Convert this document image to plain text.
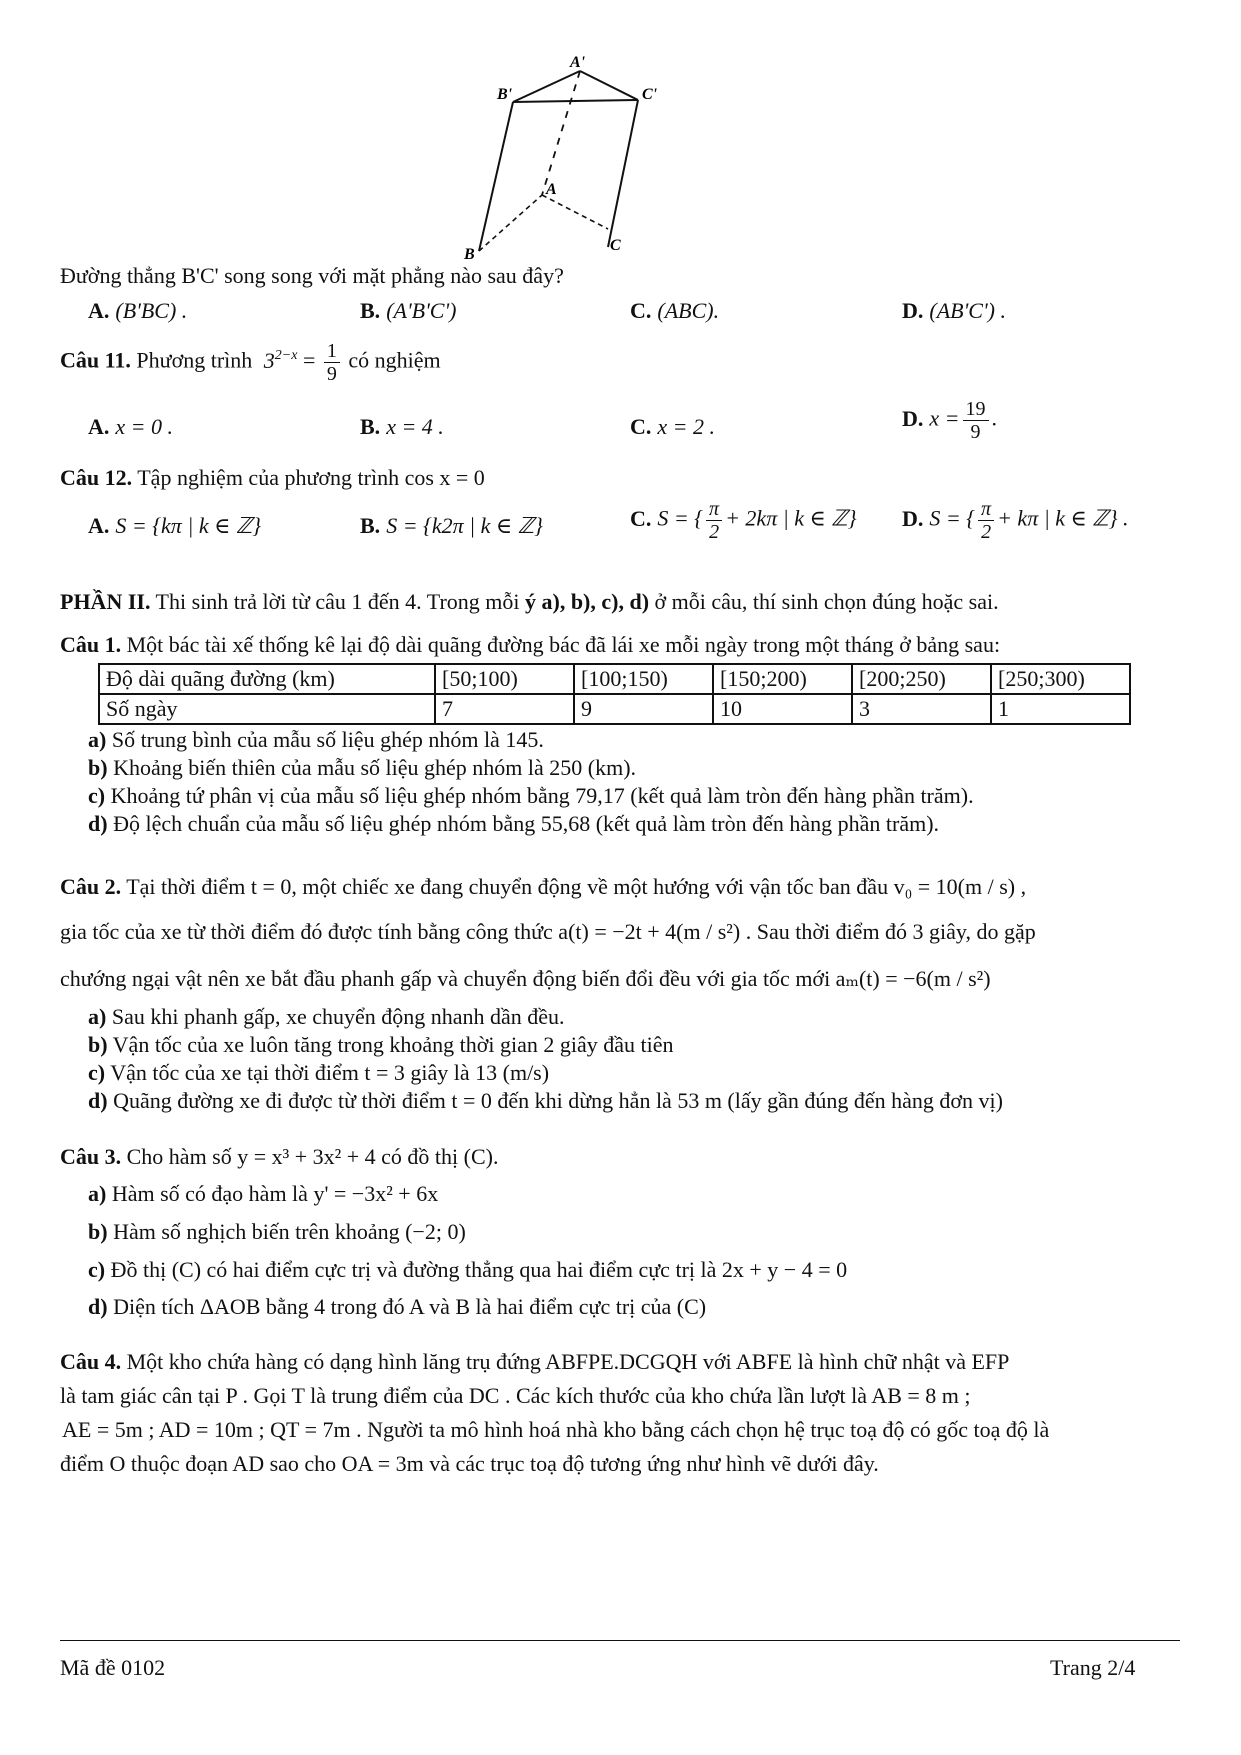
A'
B'	C'
A
B
C
Đường thẳng B'C' song song với mặt phẳng nào sau đây?
A. (B'BC) .	B. (A'B'C')	C. (ABC).	D. (AB'C') .
Câu 11. Phương trình $3^{2-x} = \frac{1}{9}$ có nghiệm
A. x = 0 .	B. x = 4 .	C. x = 2 .	D. $x = \frac{19}{9}$ .
Câu 12. Tập nghiệm của phương trình cos x = 0
A. S = {kπ | k ∈ ℤ}	B. S = {k2π | k ∈ ℤ}	C. S = { $\frac{\pi}{2} + 2k\pi$ | k ∈ ℤ} D. S = { $\frac{\pi}{2} + k\pi$ | k ∈ ℤ} .
PHẦN II. Thi sinh trả lời từ câu 1 đến 4. Trong mỗi ý a), b), c), d) ở mỗi câu, thí sinh chọn đúng hoặc sai.
Câu 1. Một bác tài xế thống kê lại độ dài quãng đường bác đã lái xe mỗi ngày trong một tháng ở bảng sau:
Độ dài quãng đường (km)	[50;100)	[100;150)	[150;200)	[200;250)	[250;300)
Số ngày	7	9	10	3	1
a) Số trung bình của mẫu số liệu ghép nhóm là 145.
b) Khoảng biến thiên của mẫu số liệu ghép nhóm là 250 (km).
c) Khoảng tứ phân vị của mẫu số liệu ghép nhóm bằng 79,17 (kết quả làm tròn đến hàng phần trăm).
d) Độ lệch chuẩn của mẫu số liệu ghép nhóm bằng 55,68 (kết quả làm tròn đến hàng phần trăm).
Câu 2. Tại thời điểm t = 0, một chiếc xe đang chuyển động về một hướng với vận tốc ban đầu v₀ = 10(m / s) ,
gia tốc của xe từ thời điểm đó được tính bằng công thức a(t) = −2t + 4(m / s²) . Sau thời điểm đó 3 giây, do gặp
chướng ngại vật nên xe bắt đầu phanh gấp và chuyển động biến đổi đều với gia tốc mới aₘ(t) = −6(m / s²)
a) Sau khi phanh gấp, xe chuyển động nhanh dần đều.
b) Vận tốc của xe luôn tăng trong khoảng thời gian 2 giây đầu tiên
c) Vận tốc của xe tại thời điểm t = 3 giây là 13 (m/s)
d) Quãng đường xe đi được từ thời điểm t = 0 đến khi dừng hẳn là 53 m (lấy gần đúng đến hàng đơn vị)
Câu 3. Cho hàm số y = x³ + 3x² + 4 có đồ thị (C).
a) Hàm số có đạo hàm là y' = −3x² + 6x
b) Hàm số nghịch biến trên khoảng (−2; 0)
c) Đồ thị (C) có hai điểm cực trị và đường thẳng qua hai điểm cực trị là 2x + y − 4 = 0
d) Diện tích ΔAOB bằng 4 trong đó A và B là hai điểm cực trị của (C)
Câu 4. Một kho chứa hàng có dạng hình lăng trụ đứng ABFPE.DCGQH với ABFE là hình chữ nhật và EFP
là tam giác cân tại P . Gọi T là trung điểm của DC . Các kích thước của kho chứa lần lượt là AB = 8 m ;
AE = 5m ; AD = 10m ; QT = 7m . Người ta mô hình hoá nhà kho bằng cách chọn hệ trục toạ độ có gốc toạ độ là
điểm O thuộc đoạn AD sao cho OA = 3m và các trục toạ độ tương ứng như hình vẽ dưới đây.
Mã đề 0102	Trang 2/4
